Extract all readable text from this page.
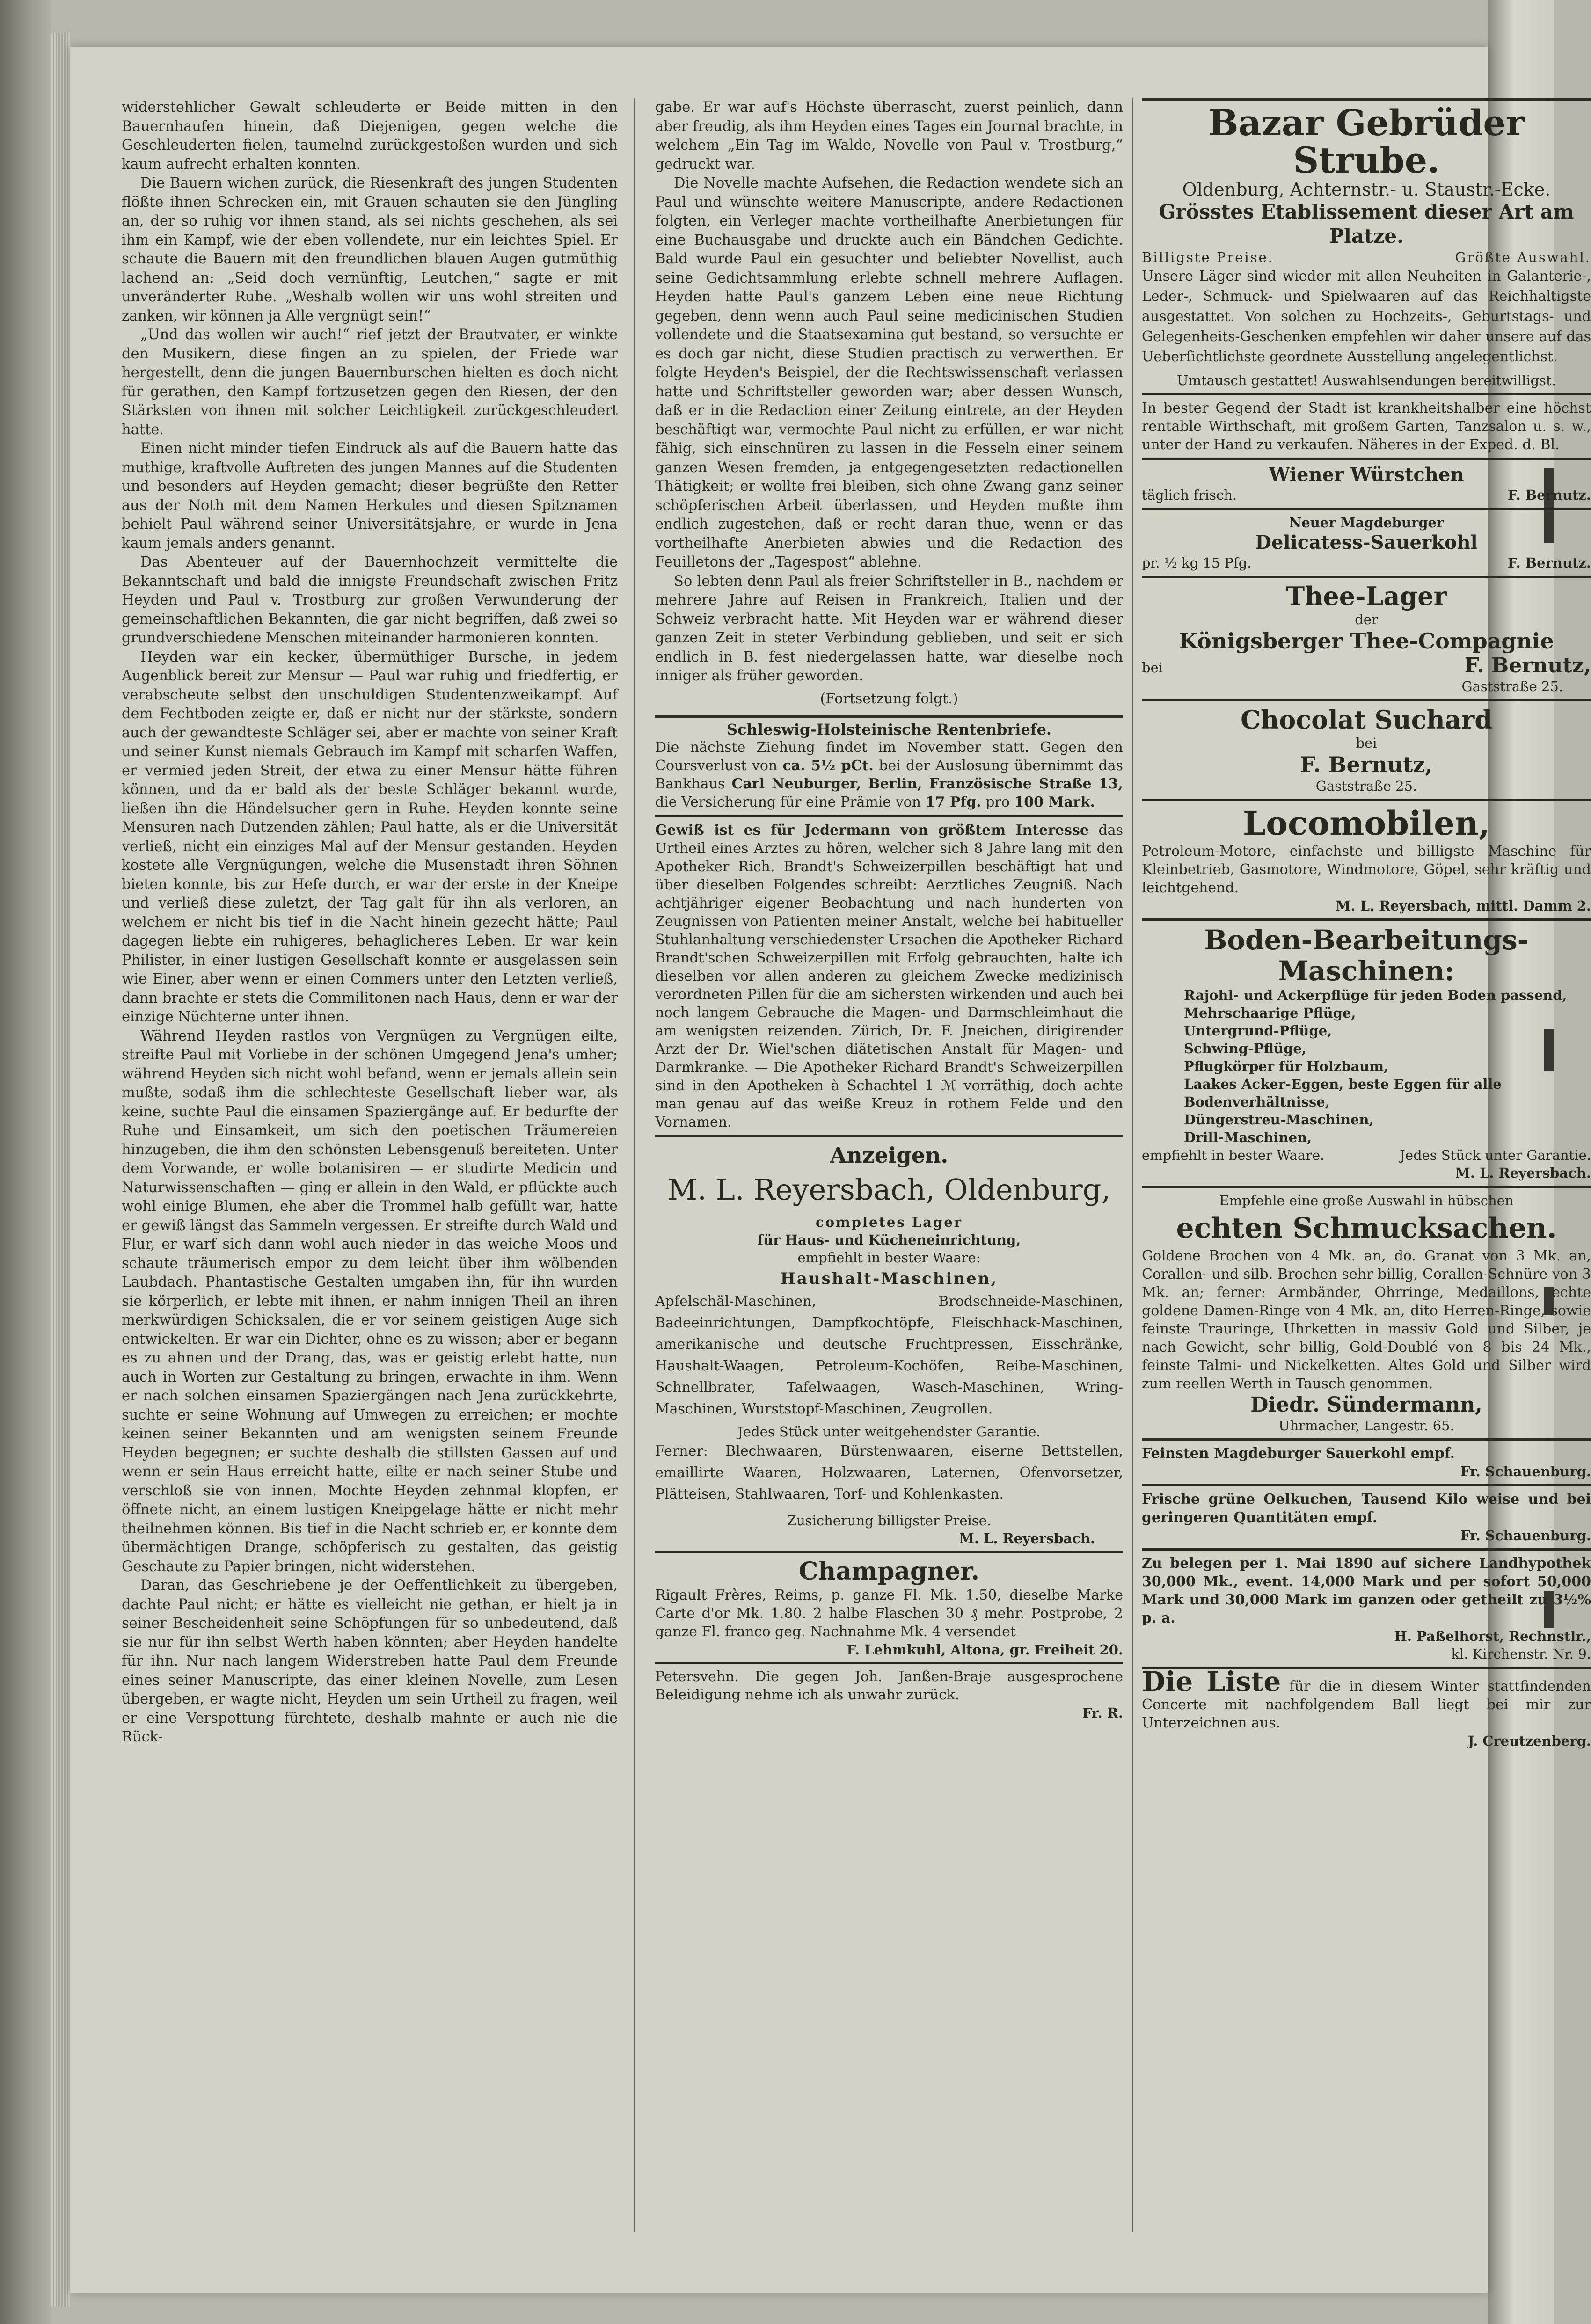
widerstehlicher Gewalt schleuderte er Beide mitten in den Bauernhaufen hinein, daß Diejenigen, gegen welche die Geschleuderten fielen, taumelnd zurückgestoßen wurden und sich kaum aufrecht erhalten konnten.

Die Bauern wichen zurück, die Riesenkraft des jungen Studenten flößte ihnen Schrecken ein, mit Grauen schauten sie den Jüngling an, der so ruhig vor ihnen stand, als sei nichts geschehen, als sei ihm ein Kampf, wie der eben vollendete, nur ein leichtes Spiel. Er schaute die Bauern mit den freundlichen blauen Augen gutmüthig lachend an: „Seid doch vernünftig, Leutchen,“ sagte er mit unveränderter Ruhe. „Weshalb wollen wir uns wohl streiten und zanken, wir können ja Alle vergnügt sein!“

„Und das wollen wir auch!“ rief jetzt der Brautvater, er winkte den Musikern, diese fingen an zu spielen, der Friede war hergestellt, denn die jungen Bauernburschen hielten es doch nicht für gerathen, den Kampf fortzusetzen gegen den Riesen, der den Stärksten von ihnen mit solcher Leichtigkeit zurückgeschleudert hatte.

Einen nicht minder tiefen Eindruck als auf die Bauern hatte das muthige, kraftvolle Auftreten des jungen Mannes auf die Studenten und besonders auf Heyden gemacht; dieser begrüßte den Retter aus der Noth mit dem Namen Herkules und diesen Spitznamen behielt Paul während seiner Universitätsjahre, er wurde in Jena kaum jemals anders genannt.

Das Abenteuer auf der Bauernhochzeit vermittelte die Bekanntschaft und bald die innigste Freundschaft zwischen Fritz Heyden und Paul v. Trostburg zur großen Verwunderung der gemeinschaftlichen Bekannten, die gar nicht begriffen, daß zwei so grundverschiedene Menschen miteinander harmonieren konnten.

Heyden war ein kecker, übermüthiger Bursche, in jedem Augenblick bereit zur Mensur — Paul war ruhig und friedfertig, er verabscheute selbst den unschuldigen Studentenzweikampf. Auf dem Fechtboden zeigte er, daß er nicht nur der stärkste, sondern auch der gewandteste Schläger sei, aber er machte von seiner Kraft und seiner Kunst niemals Gebrauch im Kampf mit scharfen Waffen, er vermied jeden Streit, der etwa zu einer Mensur hätte führen können, und da er bald als der beste Schläger bekannt wurde, ließen ihn die Händelsucher gern in Ruhe. Heyden konnte seine Mensuren nach Dutzenden zählen; Paul hatte, als er die Universität verließ, nicht ein einziges Mal auf der Mensur gestanden. Heyden kostete alle Vergnügungen, welche die Musenstadt ihren Söhnen bieten konnte, bis zur Hefe durch, er war der erste in der Kneipe und verließ diese zuletzt, der Tag galt für ihn als verloren, an welchem er nicht bis tief in die Nacht hinein gezecht hätte; Paul dagegen liebte ein ruhigeres, behaglicheres Leben. Er war kein Philister, in einer lustigen Gesellschaft konnte er ausgelassen sein wie Einer, aber wenn er einen Commers unter den Letzten verließ, dann brachte er stets die Commilitonen nach Haus, denn er war der einzige Nüchterne unter ihnen.

Während Heyden rastlos von Vergnügen zu Vergnügen eilte, streifte Paul mit Vorliebe in der schönen Umgegend Jena's umher; während Heyden sich nicht wohl befand, wenn er jemals allein sein mußte, sodaß ihm die schlechteste Gesellschaft lieber war, als keine, suchte Paul die einsamen Spaziergänge auf. Er bedurfte der Ruhe und Einsamkeit, um sich den poetischen Träumereien hinzugeben, die ihm den schönsten Lebensgenuß bereiteten. Unter dem Vorwande, er wolle botanisiren — er studirte Medicin und Naturwissenschaften — ging er allein in den Wald, er pflückte auch wohl einige Blumen, ehe aber die Trommel halb gefüllt war, hatte er gewiß längst das Sammeln vergessen. Er streifte durch Wald und Flur, er warf sich dann wohl auch nieder in das weiche Moos und schaute träumerisch empor zu dem leicht über ihm wölbenden Laubdach. Phantastische Gestalten umgaben ihn, für ihn wurden sie körperlich, er lebte mit ihnen, er nahm innigen Theil an ihren merkwürdigen Schicksalen, die er vor seinem geistigen Auge sich entwickelten. Er war ein Dichter, ohne es zu wissen; aber er begann es zu ahnen und der Drang, das, was er geistig erlebt hatte, nun auch in Worten zur Gestaltung zu bringen, erwachte in ihm. Wenn er nach solchen einsamen Spaziergängen nach Jena zurückkehrte, suchte er seine Wohnung auf Umwegen zu erreichen; er mochte keinen seiner Bekannten und am wenigsten seinem Freunde Heyden begegnen; er suchte deshalb die stillsten Gassen auf und wenn er sein Haus erreicht hatte, eilte er nach seiner Stube und verschloß sie von innen. Mochte Heyden zehnmal klopfen, er öffnete nicht, an einem lustigen Kneipgelage hätte er nicht mehr theilnehmen können. Bis tief in die Nacht schrieb er, er konnte dem übermächtigen Drange, schöpferisch zu gestalten, das geistig Geschaute zu Papier bringen, nicht widerstehen.

Daran, das Geschriebene je der Oeffentlichkeit zu übergeben, dachte Paul nicht; er hätte es vielleicht nie gethan, er hielt ja in seiner Bescheidenheit seine Schöpfungen für so unbedeutend, daß sie nur für ihn selbst Werth haben könnten; aber Heyden handelte für ihn. Nur nach langem Widerstreben hatte Paul dem Freunde eines seiner Manuscripte, das einer kleinen Novelle, zum Lesen übergeben, er wagte nicht, Heyden um sein Urtheil zu fragen, weil er eine Verspottung fürchtete, deshalb mahnte er auch nie die Rück-

gabe. Er war auf's Höchste überrascht, zuerst peinlich, dann aber freudig, als ihm Heyden eines Tages ein Journal brachte, in welchem „Ein Tag im Walde, Novelle von Paul v. Trostburg,“ gedruckt war.

Die Novelle machte Aufsehen, die Redaction wendete sich an Paul und wünschte weitere Manuscripte, andere Redactionen folgten, ein Verleger machte vortheilhafte Anerbietungen für eine Buchausgabe und druckte auch ein Bändchen Gedichte. Bald wurde Paul ein gesuchter und beliebter Novellist, auch seine Gedichtsammlung erlebte schnell mehrere Auflagen. Heyden hatte Paul's ganzem Leben eine neue Richtung gegeben, denn wenn auch Paul seine medicinischen Studien vollendete und die Staatsexamina gut bestand, so versuchte er es doch gar nicht, diese Studien practisch zu verwerthen. Er folgte Heyden's Beispiel, der die Rechtswissenschaft verlassen hatte und Schriftsteller geworden war; aber dessen Wunsch, daß er in die Redaction einer Zeitung eintrete, an der Heyden beschäftigt war, vermochte Paul nicht zu erfüllen, er war nicht fähig, sich einschnüren zu lassen in die Fesseln einer seinem ganzen Wesen fremden, ja entgegengesetzten redactionellen Thätigkeit; er wollte frei bleiben, sich ohne Zwang ganz seiner schöpferischen Arbeit überlassen, und Heyden mußte ihm endlich zugestehen, daß er recht daran thue, wenn er das vortheilhafte Anerbieten abwies und die Redaction des Feuilletons der „Tagespost“ ablehne.

So lebten denn Paul als freier Schriftsteller in B., nachdem er mehrere Jahre auf Reisen in Frankreich, Italien und der Schweiz verbracht hatte. Mit Heyden war er während dieser ganzen Zeit in steter Verbindung geblieben, und seit er sich endlich in B. fest niedergelassen hatte, war dieselbe noch inniger als früher geworden.

(Fortsetzung folgt.)
Schleswig-Holsteinische Rentenbriefe.
Die nächste Ziehung findet im November statt. Gegen den Coursverlust von ca. 5½ pCt. bei der Auslosung übernimmt das Bankhaus Carl Neuburger, Berlin, Französische Straße 13, die Versicherung für eine Prämie von 17 Pfg. pro 100 Mark.
Gewiß ist es für Jedermann von größtem Interesse das Urtheil eines Arztes zu hören, welcher sich 8 Jahre lang mit den Apotheker Rich. Brandt's Schweizerpillen beschäftigt hat und über dieselben Folgendes schreibt: Aerztliches Zeugniß. Nach achtjähriger eigener Beobachtung und nach hunderten von Zeugnissen von Patienten meiner Anstalt, welche bei habitueller Stuhlanhaltung verschiedenster Ursachen die Apotheker Richard Brandt'schen Schweizerpillen mit Erfolg gebrauchten, halte ich dieselben vor allen anderen zu gleichem Zwecke medizinisch verordneten Pillen für die am sichersten wirkenden und auch bei noch langem Gebrauche die Magen- und Darmschleimhaut die am wenigsten reizenden. Zürich, Dr. F. Jneichen, dirigirender Arzt der Dr. Wiel'schen diätetischen Anstalt für Magen- und Darmkranke. — Die Apotheker Richard Brandt's Schweizerpillen sind in den Apotheken à Schachtel 1 ℳ vorräthig, doch achte man genau auf das weiße Kreuz in rothem Felde und den Vornamen.
Anzeigen.
M. L. Reyersbach, Oldenburg,
completes Lager
für Haus- und Kücheneinrichtung,
empfiehlt in bester Waare:
Haushalt-Maschinen,
Apfelschäl-Maschinen, Brodschneide-Maschinen, Badeeinrichtungen, Dampfkochtöpfe, Fleischhack-Maschinen, amerikanische und deutsche Fruchtpressen, Eisschränke, Haushalt-Waagen, Petroleum-Kochöfen, Reibe-Maschinen, Schnellbrater, Tafelwaagen, Wasch-Maschinen, Wring-Maschinen, Wurststopf-Maschinen, Zeugrollen.
Jedes Stück unter weitgehendster Garantie.
Ferner: Blechwaaren, Bürstenwaaren, eiserne Bettstellen, emaillirte Waaren, Holzwaaren, Laternen, Ofenvorsetzer, Plätteisen, Stahlwaaren, Torf- und Kohlenkasten.
Zusicherung billigster Preise.
M. L. Reyersbach.
Champagner.
Rigault Frères, Reims, p. ganze Fl. Mk. 1.50, dieselbe Marke Carte d'or Mk. 1.80. 2 halbe Flaschen 30 ₰ mehr. Postprobe, 2 ganze Fl. franco geg. Nachnahme Mk. 4 versendet
F. Lehmkuhl, Altona, gr. Freiheit 20.
Petersvehn. Die gegen Joh. Janßen-Braje ausgesprochene Beleidigung nehme ich als unwahr zurück.
Fr. R.
Bazar Gebrüder Strube.
Oldenburg, Achternstr.- u. Staustr.-Ecke.
Grösstes Etablissement dieser Art am Platze.
Billigste Preise.	Größte Auswahl.
Unsere Läger sind wieder mit allen Neuheiten in Galanterie-, Leder-, Schmuck- und Spielwaaren auf das Reichhaltigste ausgestattet. Von solchen zu Hochzeits-, Geburtstags- und Gelegenheits-Geschenken empfehlen wir daher unsere auf das Ueberſichtlichste geordnete Ausstellung angelegentlichst.
Umtausch gestattet! Auswahlsendungen bereitwilligst.
In bester Gegend der Stadt ist krankheitshalber eine höchst rentable Wirthschaft, mit großem Garten, Tanzsalon u. s. w., unter der Hand zu verkaufen. Näheres in der Exped. d. Bl.
Wiener Würstchen
täglich frisch.	F. Bernutz.
Neuer Magdeburger
Delicatess-Sauerkohl
pr. ½ kg 15 Pfg.	F. Bernutz.
Thee-Lager
der
Königsberger Thee-Compagnie
bei	F. Bernutz,
Gaststraße 25.
Chocolat Suchard
bei
F. Bernutz,
Gaststraße 25.
Locomobilen,
Petroleum-Motore, einfachste und billigste Maschine für Kleinbetrieb, Gasmotore, Windmotore, Göpel, sehr kräftig und leichtgehend.
M. L. Reyersbach, mittl. Damm 2.
Boden-Bearbeitungs-Maschinen:
Rajohl- und Ackerpflüge für jeden Boden passend,
Mehrschaarige Pflüge,
Untergrund-Pflüge,
Schwing-Pflüge,
Pflugkörper für Holzbaum,
Laakes Acker-Eggen, beste Eggen für alle Bodenverhältnisse,
Düngerstreu-Maschinen,
Drill-Maschinen,
empfiehlt in bester Waare.	Jedes Stück unter Garantie.
M. L. Reyersbach.
Empfehle eine große Auswahl in hübschen
echten Schmucksachen.
Goldene Brochen von 4 Mk. an, do. Granat von 3 Mk. an, Corallen- und silb. Brochen sehr billig, Corallen-Schnüre von 3 Mk. an; ferner: Armbänder, Ohrringe, Medaillons, echte goldene Damen-Ringe von 4 Mk. an, dito Herren-Ringe, sowie feinste Trauringe, Uhrketten in massiv Gold und Silber, je nach Gewicht, sehr billig, Gold-Doublé von 8 bis 24 Mk., feinste Talmi- und Nickelketten. Altes Gold und Silber wird zum reellen Werth in Tausch genommen.
Diedr. Sündermann,
Uhrmacher, Langestr. 65.
Feinsten Magdeburger Sauerkohl empf.
Fr. Schauenburg.
Frische grüne Oelkuchen, Tausend Kilo weise und bei geringeren Quantitäten empf.
Fr. Schauenburg.
Zu belegen per 1. Mai 1890 auf sichere Landhypothek 30,000 Mk., event. 14,000 Mark und per sofort 50,000 Mark und 30,000 Mark im ganzen oder getheilt zu 3½% p. a.
H. Paßelhorst, Rechnstlr.,
kl. Kirchenstr. Nr. 9.
Die Liste für die in diesem Winter stattfindenden Concerte mit nachfolgendem Ball liegt bei mir zur Unterzeichnen aus.
J. Creutzenberg.
